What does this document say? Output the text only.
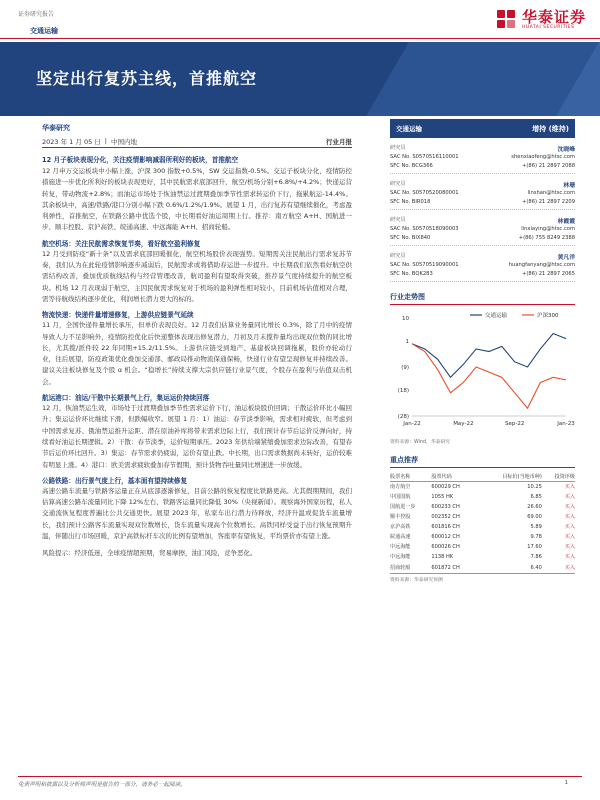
证券研究报告	华泰证券
HUATAI SECURITIES
交通运输
坚定出行复苏主线，首推航空
华泰研究
2023 年 1 月 05 日 | 中国内地	行业月报
12 月子板块表现分化，关注疫情影响减弱所利好的板块，首推航空
12 月申万交运板块中小幅上涨，沪深 300 指数+0.5%，SW 交运指数-0.5%。交运子板块分化，疫情防控措施进一步优化所利好的板块表现更好，其中民航需求底部回升，航空/机场分别+6.8%/+4.2%；快递运营转复，带动物流+2.8%；而油运市场处于恢油禁运过渡期叠加季节性需求转运价下行，拖累航运-14.4%。其余板块中，高速/铁路/港口分别小幅下跌 0.6%/1.2%/1.9%。展望 1 月，出行复苏有望继续催化，考虑盈利弹性，首推航空，在铁路公路中优选个股，中长期看好油运周期上行。推荐：南方航空 A+H、国航进一步、顺丰控股、京沪高铁、皖通高速、中远海能 A+H、招商轮船。
航空机场：关注民航需求恢复节奏，看好航空盈利修复
12 月受到防疫“新十条”以及需求底部回暖催化，航空机场股价表现强势。短期需关注民航出行需求复苏节奏，我们认为在此轮疫情影响逐步减弱后，民航需求或将借助春运进一步提升。中长期我们依然看好航空供需结构改善，叠加优质航线结构与经营管理改善，航司盈利有望取得突破，推荐景气度持续提升的航空板块。机场 12 月表现弱于航空，主因民航需求恢复对于机场的盈利弹性相对较小，目前机场估值相对合理，需等待航线结构逐步优化，利润增长潜力更大的标的。
物流快递：快递件量增速修复，上游供应链景气延续
11 月，全国快递件量增长承压，但单价表现良好。12 月我们估算业务量同比增长 0.3%，除了月中的疫情导致人力不足影响外，疫情防控优化后快递整体表现出修复潜力，月初及月末揽件量均出现双位数的同比增长，尤其揽/派件较 22 年同期+15.2/11.5%。上游供应链受到地产、基建板块回调拖累，股价亦轮动行业，往后展望，防疫政策优化叠加交通部、邮政局推动物流保通保畅，快递行业有望呈现修复并持续改善。建议关注板块修复及个股 α 机会。“稳增长”持续支撑大宗供应链行业景气度，个股存在盈利与估值双击机会。
航运港口：油运/干散中长期景气上行，集运运价持续回落
12 月，恢油禁运生效，市场处于过渡期叠加季节性需求运价下行，油运板块股价回调；干散运价环比小幅回升；集运运价环比继续下滑，但跌幅收窄。展望 1 月：1）油运：春节淡季影响，需求相对疲软，但考虑到中国需求复苏、俄油禁运推升运距、潜在原油补库将带来需求边际上行，我们预计春节后运价反弹向好，持续看好油运长期逻辑。2）干散：春节淡季，运价短期承压。2023 年供给端紧缩叠加需求边际改善，有望春节后运价环比回升。3）集运：春节需求仍疲弱，运价有望止跌。中长期，出口需求数据尚未转好，运价较难有明显上涨。4）港口：欧美需求疲软叠加春节假期，预计货物吞吐量同比增速进一步放缓。
公路铁路：出行景气度上行，基本面有望持续修复
高速公路车流量与铁路客运量正在从底部逐渐修复，目前公路的恢复程度比铁路更高。尤其假期期间，我们估算高速公路车流量同比下降 12%左右，铁路客运量同比降低 30%（央视新闻）。观察海外国家历程，私人交通流恢复程度普遍比公共交通更快。展望 2023 年，私家车出行潜力待释放，经济升温或促货车流量增长，我们预计公路客车流量实现双位数增长，货车流量实现高个位数增长。高铁同样受益于出行恢复预期升温，伴随出行市场回暖，京沪高铁标杆车次的比例有望增加，客座率有望恢复，平均票价亦有望上涨。
风险提示：经济低迷，全球疫情超预期，贸易摩擦，油汇风险，竞争恶化。
交通运输	增持 (维持)
研究员	沈晓峰
SAC No. S0570516110001	shenxiaofeng@htsc.com
SFC No. BCG366	+(86) 21 2897 2088
研究员	林珊
SAC No. S0570520080001	linshan@htsc.com
SFC No. BIR018	+(86) 21 2897 2209
研究员	林霞霞
SAC No. S0570518090003	linxiaying@htsc.com
SFC No. BIX840	+(86) 755 8249 2388
研究员	黄凡洋
SAC No. S0570519090001	huangfanyang@htsc.com
SFC No. BQK283	+(86) 21 2897 2065
行业走势图
10
1
(9)
(18)
(28)
Jan-22	May-22	Sep-22	Jan-23
交通运输	沪深300
资料来源：Wind，华泰研究
重点推荐
股票名称	股票代码	目标价(当地币种)	投资评级
南方航空	600029 CH	10.25	买入
中国国航	1055 HK	6.85	买入
国航进一步	600233 CH	26.60	买入
顺丰控股	002352 CH	69.00	买入
京沪高铁	601816 CH	5.89	买入
皖通高速	600012 CH	9.78	买入
中远海能	600026 CH	17.60	买入
中远海能	1138 HK	7.86	买入
招商轮船	601872 CH	6.40	买入
资料来源：华泰研究预测
免责声明和披露以及分析师声明是报告的一部分，请务必一起阅读。	1
